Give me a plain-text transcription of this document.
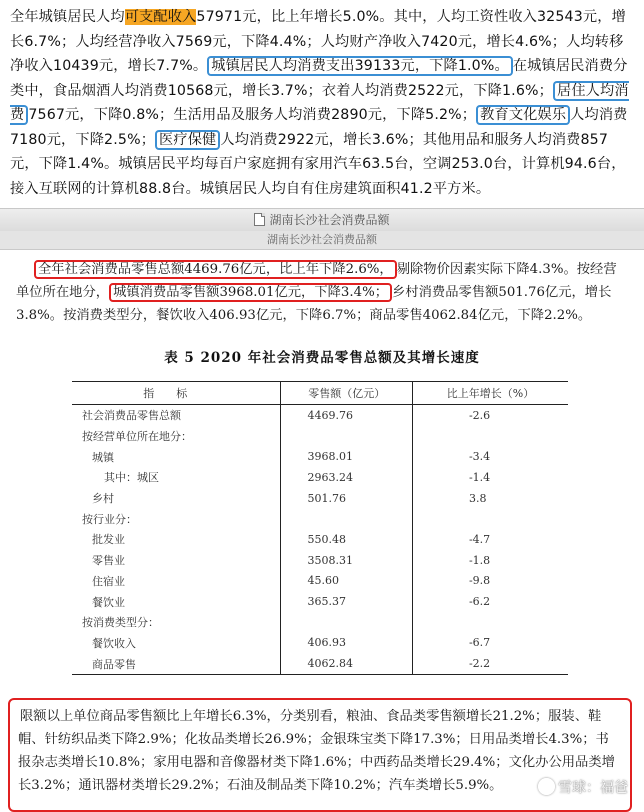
全年城镇居民人均可支配收入57971元，比上年增长5.0%。其中，人均工资性收入32543元，增长6.7%；人均经营净收入7569元，下降4.4%；人均财产净收入7420元，增长4.6%；人均转移净收入10439元，增长7.7%。 城镇居民人均消费支出39133元，下降1.0%。 在城镇居民消费分类中，食品烟酒人均消费10568元，增长3.7%；衣着人均消费2522元，下降1.6%； 居住人均消费 7567元，下降0.8%；生活用品及服务人均消费2890元，下降5.2%； 教育文化娱乐 人均消费7180元，下降2.5%； 医疗保健 人均消费2922元，增长3.6%；其他用品和服务人均消费857元，下降1.4%。城镇居民平均每百户家庭拥有家用汽车63.5台，空调253.0台，计算机94.6台，接入互联网的计算机88.8台。城镇居民人均自有住房建筑面积41.2平方米。

湖南长沙社会消费品额
湖南长沙社会消费品额

全年社会消费品零售总额4469.76亿元，比上年下降2.6%， 剔除物价因素实际下降4.3%。按经营单位所在地分， 城镇消费品零售额3968.01亿元，下降3.4%； 乡村消费品零售额501.76亿元，增长3.8%。按消费类型分，餐饮收入406.93亿元，下降6.7%；商品零售4062.84亿元，下降2.2%。

表 5 2020 年社会消费品零售总额及其增长速度
指标	零售额（亿元）	比上年增长（%）
社会消费品零售总额	4469.76	-2.6
按经营单位所在地分：		
城镇	3968.01	-3.4
其中：城区	2963.24	-1.4
乡村	501.76	3.8
按行业分：		
批发业	550.48	-4.7
零售业	3508.31	-1.8
住宿业	45.60	-9.8
餐饮业	365.37	-6.2
按消费类型分：		
餐饮收入	406.93	-6.7
商品零售	4062.84	-2.2

限额以上单位商品零售额比上年增长6.3%，分类别看，粮油、食品类零售额增长21.2%；服装、鞋帽、针纺织品类下降2.9%；化妆品类增长26.9%；金银珠宝类下降17.3%；日用品类增长4.3%；书报杂志类增长10.8%；家用电器和音像器材类下降1.6%；中西药品类增长29.4%；文化办公用品类增长3.2%；通讯器材类增长29.2%；石油及制品类下降10.2%；汽车类增长5.9%。	雪球：福爸
